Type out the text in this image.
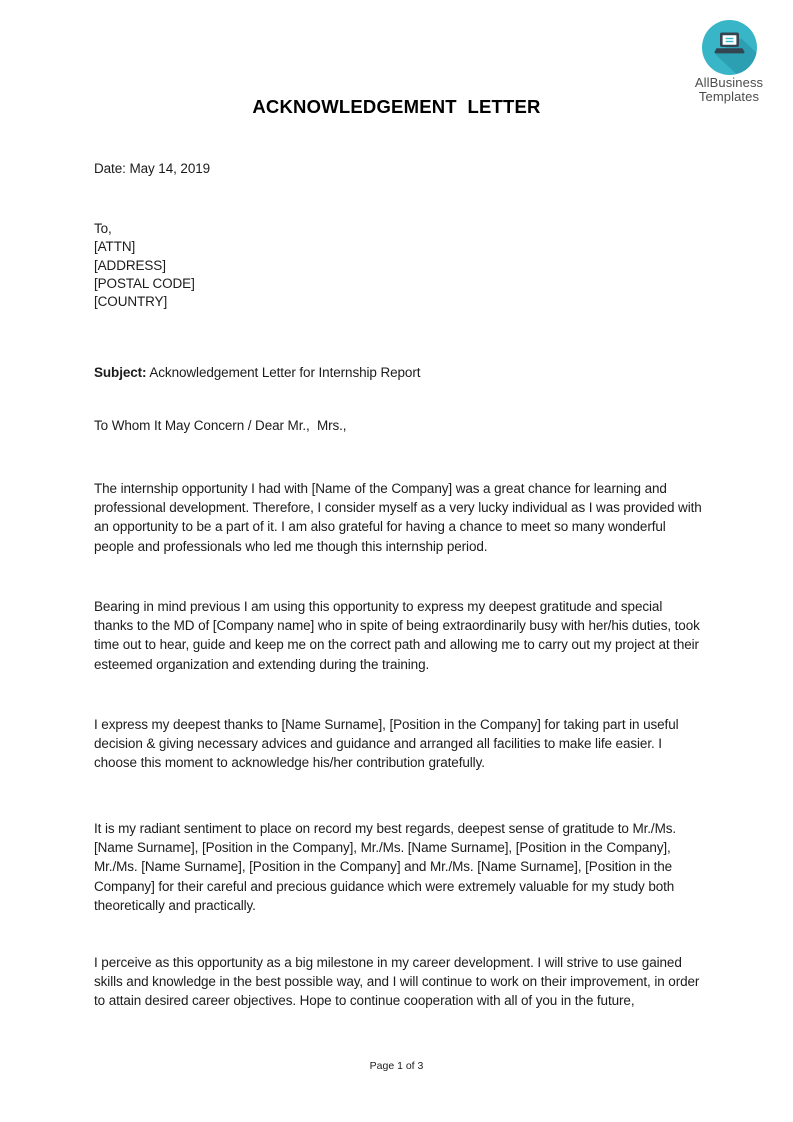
AllBusiness
Templates
ACKNOWLEDGEMENT  LETTER

Date: May 14, 2019

To,
[ATTN]
[ADDRESS]
[POSTAL CODE]
[COUNTRY]

Subject: Acknowledgement Letter for Internship Report

To Whom It May Concern / Dear Mr.,  Mrs.,

The internship opportunity I had with [Name of the Company] was a great chance for learning and professional development. Therefore, I consider myself as a very lucky individual as I was provided with an opportunity to be a part of it. I am also grateful for having a chance to meet so many wonderful people and professionals who led me though this internship period.

Bearing in mind previous I am using this opportunity to express my deepest gratitude and special thanks to the MD of [Company name] who in spite of being extraordinarily busy with her/his duties, took time out to hear, guide and keep me on the correct path and allowing me to carry out my project at their esteemed organization and extending during the training.

I express my deepest thanks to [Name Surname], [Position in the Company] for taking part in useful decision & giving necessary advices and guidance and arranged all facilities to make life easier. I choose this moment to acknowledge his/her contribution gratefully.

It is my radiant sentiment to place on record my best regards, deepest sense of gratitude to Mr./Ms. [Name Surname], [Position in the Company], Mr./Ms. [Name Surname], [Position in the Company], Mr./Ms. [Name Surname], [Position in the Company] and Mr./Ms. [Name Surname], [Position in the Company] for their careful and precious guidance which were extremely valuable for my study both theoretically and practically.

I perceive as this opportunity as a big milestone in my career development. I will strive to use gained skills and knowledge in the best possible way, and I will continue to work on their improvement, in order to attain desired career objectives. Hope to continue cooperation with all of you in the future,

Page 1 of 3
